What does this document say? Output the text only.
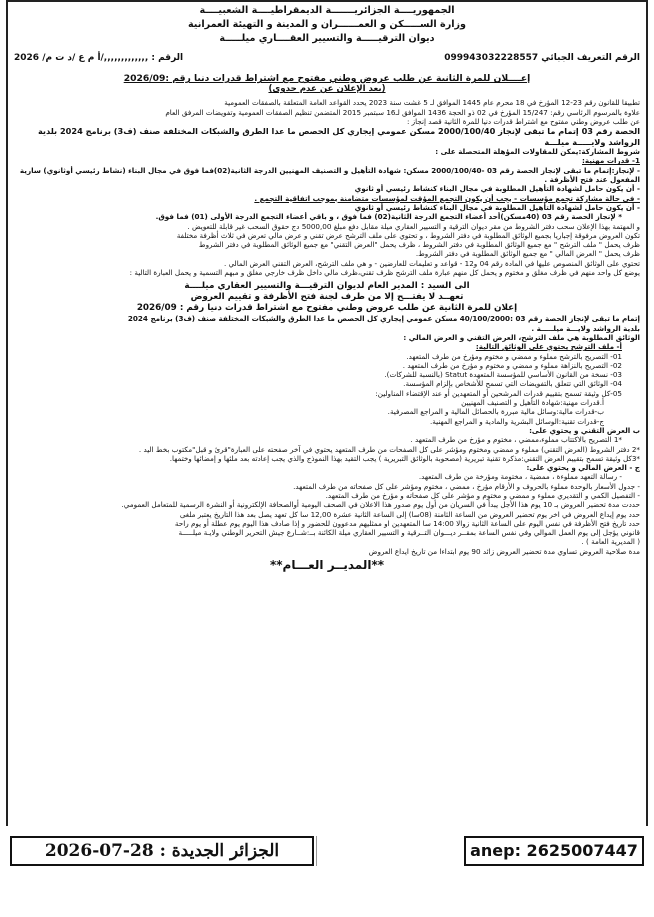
الجمهوريــــة الجزائريـــــــة الديمقراطيــــة الشعبيــــة
وزارة الســـــكن و العمــــــران و المدينة و التهيئة العمرانية
ديوان الترقيـــــة والتسيير العقــــاري ميلـــــة
الرقم التعريف الجبائي 099943032228557
الرقم : ,,,,,,,,,,,,,/أ م ع /د ت م/ 2026
إعــــلان للمرة الثانية عن طلب عروض وطني مفتوح مع اشتراط قدرات دنيا رقم :2026/09
(بعد الإعلان عن عدم جدوى)

تطبيقا للقانون رقم 23-12 المؤرخ في 18 محرم عام 1445 الموافق لـ 5 غشت سنة 2023 يحدد القواعد العامة المتعلقة بالصفقات العمومية

علاوة بالمرسوم الرئاسي رقم: 15/247 المؤرخ في 02 ذو الحجة 1436 الموافق لـ16 سبتمبر 2015 المتضمن تنظيم الصفقات العمومية وتفويضات المرفق العام

عن طلب عروض وطني مفتوح مع اشتراط قدرات دنيا للمرة الثانية قصد إنجاز :

الحصة رقم 03 إتمام ما تبقى لإنجاز 2000/100/40 مسكن عمومي إيجاري كل الحصص ما عدا الطرق والشبكات المختلفة صنف (ف3) برنامج 2024 بلدية الرواشد ولايـــــة ميلـــة

شروط المشاركة:يمكن للمقاولات المؤهلة المتحصلة على :

1- قدرات مهنية:

- لإنجاز:إتمام ما تبقى لإنجاز الحصة رقم 03 -2000/100/40 مسكن: شهادة التأهيل و التصنيف المهنيين الدرجة الثانية(02)فما فوق في مجال البناء (نشاط رئيسي أوثانوي) سارية المفعول عند فتح الأظرفة .

- أن يكون حامل لشهادة التأهيل المطلوبة في مجال البناء كنشاط رئيسي أو ثانوي

- في حالة مشاركة تجمع مؤسسات - يجب أن يكون التجمع المؤقت لمؤسسات متضامنة بموجب اتفاقية التجمع .

- أن يكون حامل لشهادة التأهيل المطلوبة في مجال البناء كنشاط رئيسي أو ثانوي

* لإنجاز الحصة رقم 03 (40مسكن)أحد أعضاء التجمع الدرجة الثانية(02) فما فوق ، و باقي أعضاء التجمع الدرجة الأولى (01) فما فوق.

و المهتمة بهذا الإعلان سحب دفتر الشروط من مقر ديوان الترقية و التسيير العقاري ميلة مقابل دفع مبلغ 5000,00 دج حقوق السحب غير قابلة للتعويض .

تكون العروض مرفوقة إجباريا بجميع الوثائق المطلوبة في دفتر الشروط ، و تحتوي على ملف الترشح عرض تقني و عرض مالي تعرض في ثلاث أظرفة مختلفة

ظرف يحمل " ملف الترشح " مع جميع الوثائق المطلوبة في دفتر الشروط ، ظرف يحمل "العرض التقني" مع جميع الوثائق المطلوبة في دفتر الشروط

ظرف يحمل " العرض المالي " مع جميع الوثائق المطلوبة في دفتر الشروط.

تحتوي على الوثائق المنصوص عليها في المادة رقم 04 و12 - قواعد و تعليمات للعارضين - و هي ملف الترشح، العرض التقني العرض المالي .

يوضع كل واحد منهم في ظرف مغلق و مختوم و يحمل كل منهم عبارة ملف الترشح ظرف تقني،ظرف مالي داخل ظرف خارجي مغلق و مبهم التسمية و يحمل العبارة التالية :

الى السيد : المدير العام لديوان الترقيـــة والتسيير العقاري ميلــــة
تعهــد لا يفتـــح إلا من طرف لجنة فتح الأظرفة و تقييم العروض
إعلان للمرة الثانية عن طلب عروض وطني مفتوح مع اشتراط قدرات دنيا رقم : 2026/09

إتمام ما تبقى لإنجاز الحصة رقم 03 :40/100/2000 مسكن عمومي إيجاري كل الحصص ما عدا الطرق والشبكات المختلفة صنف (ف3) برنامج 2024

بلدية الرواشد ولايـــة ميلـــــة .

الوثائق المطلوبة هي ملف الترشح، العرض التقني و العرض المالي :

أ- ملف الترشح يحتوي على الوثائق التالية:

01- التصريح بالترشح مملوء و ممضي و مختوم ومؤرخ من طرف المتعهد.

02- التصريح بالنزاهة مملوء و ممضي و مختوم و مؤرخ من طرف المتعهد .

03- نسخة من القانون الأساسي للمؤسسة المتعهدة Statut (بالنسبة للشركات).

04- الوثائق التي تتعلق بالتفويضات التي تسمح للأشخاص بإلزام المؤسسة.

05-كل وثيقة تسمح بتقييم قدرات المرشحين أو المتعهدين أو عند الإقتضاء المناولين:

أ.قدرات مهنية:شهادة التأهيل و التصنيف المهنيين

ب-قدرات مالية:وسائل مالية مبررة بالحصائل المالية و المراجع المصرفية.

ج-قدرات تقنية:الوسائل البشرية والمادية و المراجع المهنية.

ب العرض التقني و يحتوي على:

*1 التصريح بالاكتتاب مملوء،ممضي ، مختوم و مؤرخ من طرف المتعهد .

*2 دفتر الشروط (العرض التقني) مملوء و ممضي ومختوم ومؤشر على كل الصفحات من طرف المتعهد يحتوي في آخر صفحته على العبارة"قرئ و قبل"مكتوب بخط اليد .

*3كل وثيقة تسمح بتقييم العرض التقني:مذكرة تقنية تبريرية (مصحوبة بالوثائق التبريرية ) يجب التقيد بهذا النموذج والذي يجب إعادته بعد ملئها و إمضائها وختمها.

ج - العرض المالي و يحتوي على:

- رسالة التعهد مملوءة ، ممضية ، مختومة ومؤرخة من طرف المتعهد.

- جدول الأسعار بالوحدة مملوء بالحروف و الأرقام مؤرخ ، ممضي ، مختوم ومؤشر على كل صفحاته من طرف المتعهد.

- التفصيل الكمي و التقديري مملوء و ممضي و مختوم و مؤشر على كل صفحاته و مؤرخ من طرف المتعهد.

حددت مدة تحضير العروض بـ 10 يوم هذا الأجل يبدأ في السريان من أول يوم صدور هذا الاعلان في الصحف اليومية أوالصحافة الإلكترونية أو النشرة الرسمية للمتعامل العمومي.

حدد يوم إيداع العروض في اخر يوم تحضير العروض من الساعة الثامنة (08سا) إلى الساعة الثانية عشرة 12,00 سا كل تعهد يصل بعد هذا التاريخ يعتبر ملغى

حدد تاريخ فتح الأظرفة في نفس اليوم على الساعة الثانية زوالا 14:00 سا المتعهدين او ممثليهم مدعوون للحضور و إذا صادف هذا اليوم يوم عطلة أو يوم راحة

قانوني يؤجل إلى يوم العمل الموالي وفي نفس الساعة بمقــر ديـــوان التــرقية و التسيير العقاري ميلة الكائنة بــ:شــارع جيش التحرير الوطني ولايـة ميلـــــة

( المديرية العامة ) .

مدة صلاحية العروض تساوي مدة تحضير العروض زائد 90 يوم ابتداءا من تاريخ ايداع العروض

**المديــر العـــام**
الجزائر الجديدة : 28-07-2026	anep: 2625007447
